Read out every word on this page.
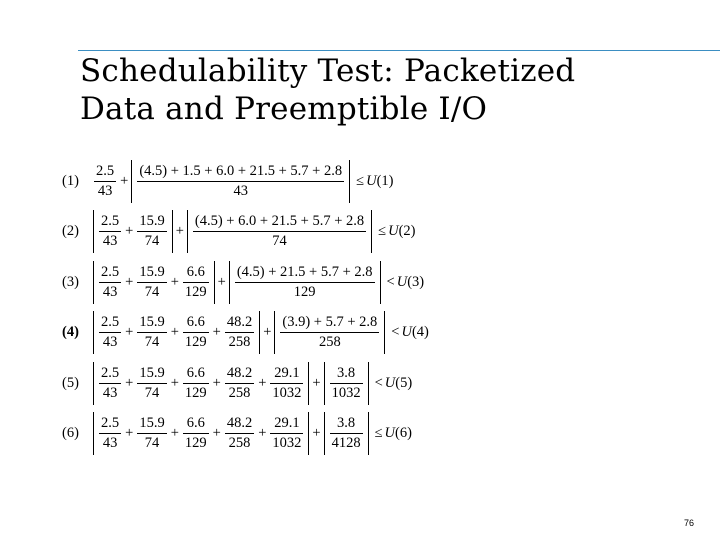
Schedulability Test: Packetized
Data and Preemptible I/O
(1)	$\frac{2.5}{43} + \frac{(4.5) + 1.5 + 6.0 + 21.5 + 5.7 + 2.8}{43} \le U(1)$
(2)	$\frac{2.5}{43} + \frac{15.9}{74} + \frac{(4.5) + 6.0 + 21.5 + 5.7 + 2.8}{74} \le U(2)$
(3)	$\frac{2.5}{43} + \frac{15.9}{74} + \frac{6.6}{129} + \frac{(4.5) + 21.5 + 5.7 + 2.8}{129} < U(3)$
(4)	$\frac{2.5}{43} + \frac{15.9}{74} + \frac{6.6}{129} + \frac{48.2}{258} + \frac{(3.9) + 5.7 + 2.8}{258} < U(4)$
(5)	$\frac{2.5}{43} + \frac{15.9}{74} + \frac{6.6}{129} + \frac{48.2}{258} + \frac{29.1}{1032} + \frac{3.8}{1032} < U(5)$
(6)	$\frac{2.5}{43} + \frac{15.9}{74} + \frac{6.6}{129} + \frac{48.2}{258} + \frac{29.1}{1032} + \frac{3.8}{4128} \le U(6)$
76
